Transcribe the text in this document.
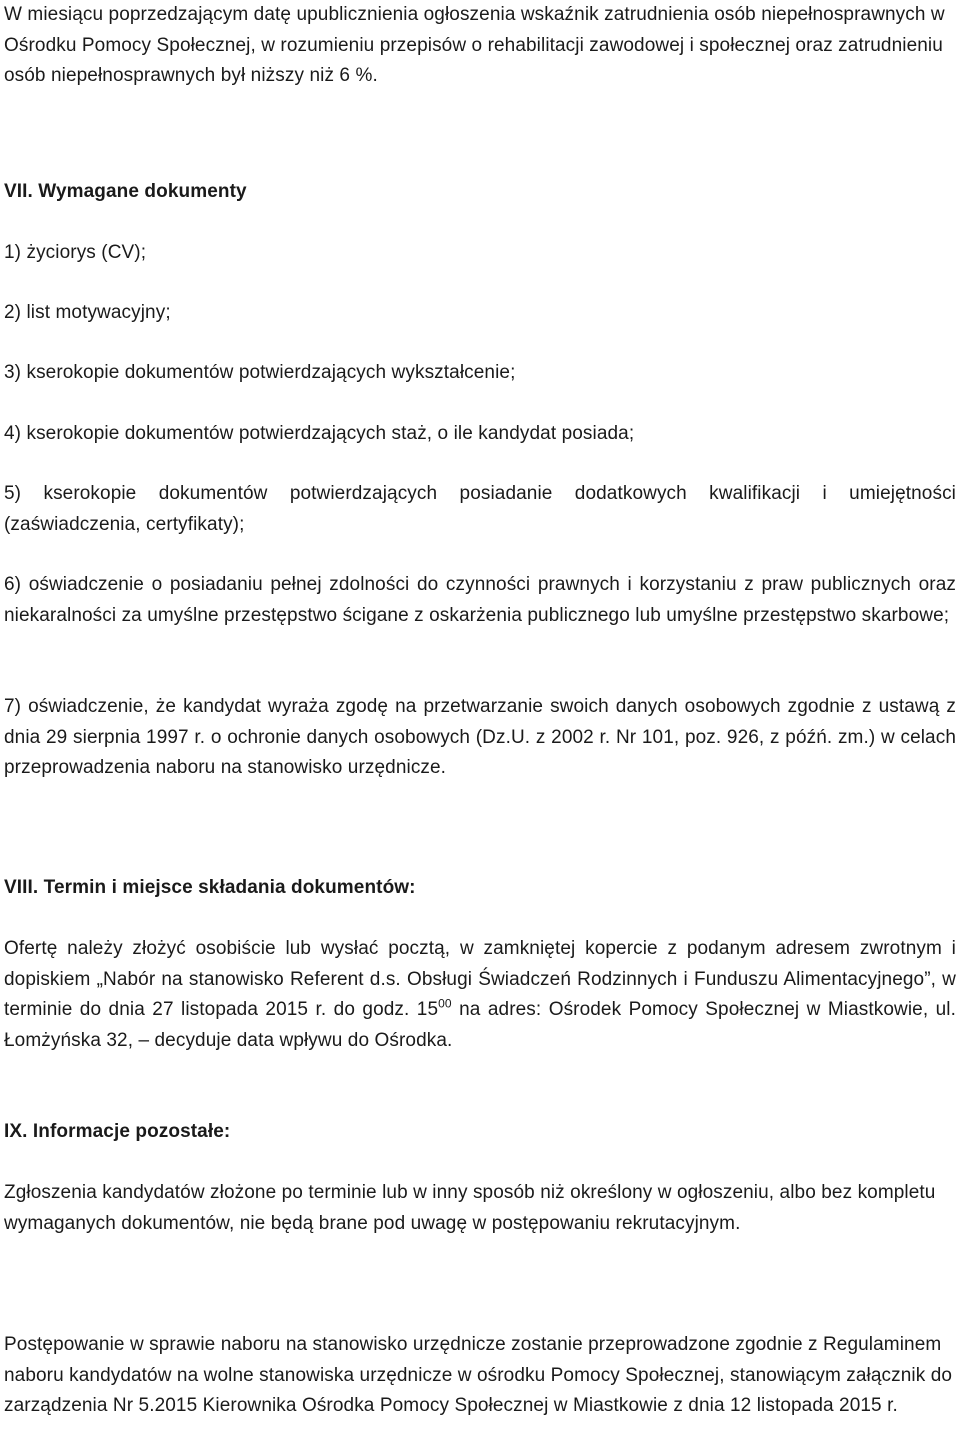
W miesiącu poprzedzającym datę upublicznienia ogłoszenia wskaźnik zatrudnienia osób niepełnosprawnych w Ośrodku Pomocy Społecznej, w rozumieniu przepisów o rehabilitacji zawodowej i społecznej oraz zatrudnieniu osób niepełnosprawnych był niższy niż 6 %.

VII. Wymagane dokumenty

1) życiorys (CV);

2) list motywacyjny;

3) kserokopie dokumentów potwierdzających wykształcenie;

4) kserokopie dokumentów potwierdzających staż, o ile kandydat posiada;

5) kserokopie dokumentów potwierdzających posiadanie dodatkowych kwalifikacji i umiejętności (zaświadczenia, certyfikaty);

6) oświadczenie o posiadaniu pełnej zdolności do czynności prawnych i korzystaniu z praw publicznych oraz niekaralności za umyślne przestępstwo ścigane z oskarżenia publicznego lub umyślne przestępstwo skarbowe;

7) oświadczenie, że kandydat wyraża zgodę na przetwarzanie swoich danych osobowych zgodnie z ustawą z dnia 29 sierpnia 1997 r. o ochronie danych osobowych (Dz.U. z 2002 r. Nr 101, poz. 926, z późń. zm.) w celach przeprowadzenia naboru na stanowisko urzędnicze.

VIII. Termin i miejsce składania dokumentów:

Ofertę należy złożyć osobiście lub wysłać pocztą, w zamkniętej kopercie z podanym adresem zwrotnym i dopiskiem „Nabór na stanowisko Referent d.s. Obsługi Świadczeń Rodzinnych i Funduszu Alimentacyjnego”, w terminie do dnia 27 listopada 2015 r. do godz. $15^{00}$ na adres: Ośrodek Pomocy Społecznej w Miastkowie, ul. Łomżyńska 32, – decyduje data wpływu do Ośrodka.

IX. Informacje pozostałe:

Zgłoszenia kandydatów złożone po terminie lub w inny sposób niż określony w ogłoszeniu, albo bez kompletu wymaganych dokumentów, nie będą brane pod uwagę w postępowaniu rekrutacyjnym.

Postępowanie w sprawie naboru na stanowisko urzędnicze zostanie przeprowadzone zgodnie z Regulaminem naboru kandydatów na wolne stanowiska urzędnicze w ośrodku Pomocy Społecznej, stanowiącym załącznik do zarządzenia Nr 5.2015 Kierownika Ośrodka Pomocy Społecznej w Miastkowie z dnia 12 listopada 2015 r.
